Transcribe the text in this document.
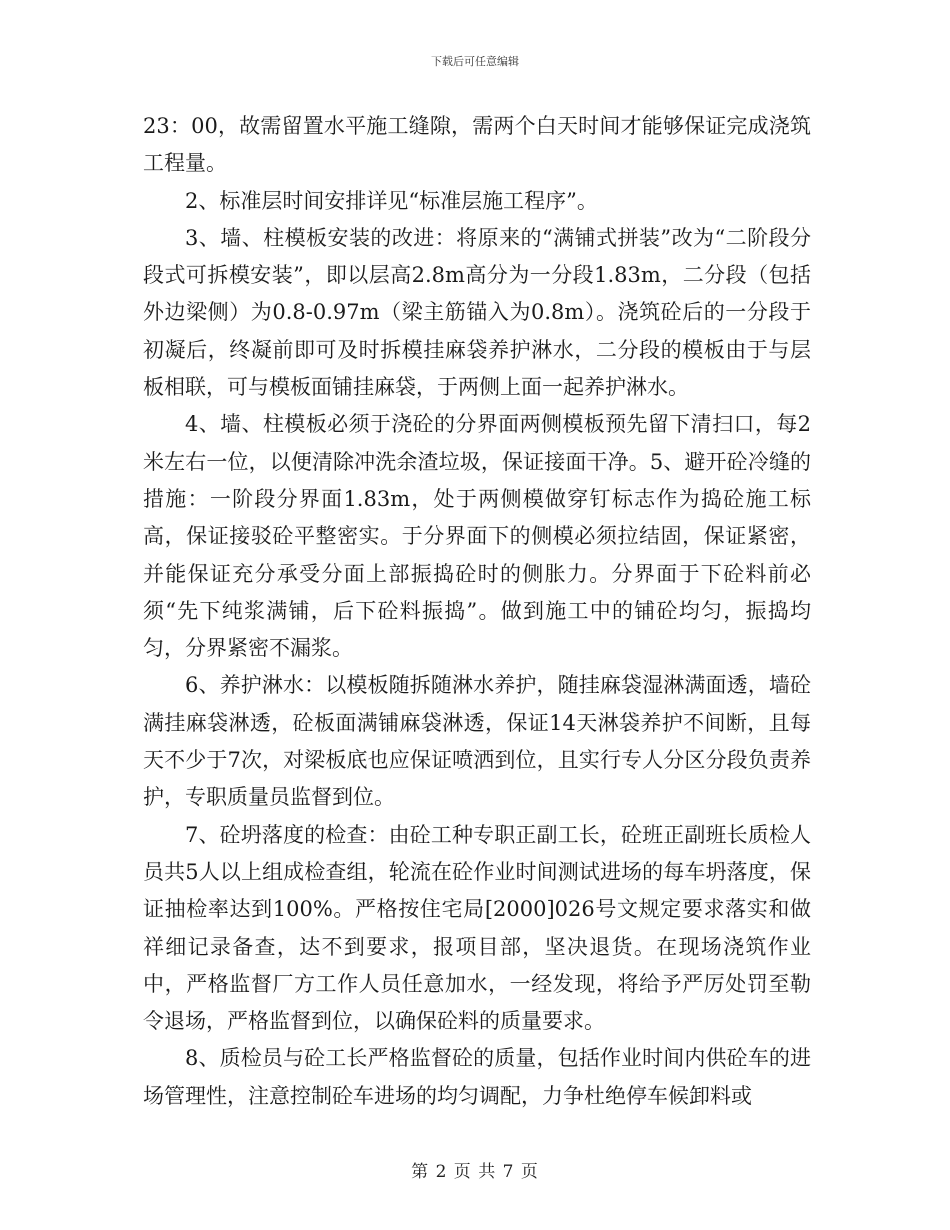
下载后可任意编辑

23：00，故需留置水平施工缝隙，需两个白天时间才能够保证完成浇筑工程量。

2、标准层时间安排详见“标准层施工程序”。

3、墙、柱模板安装的改进：将原来的“满铺式拼装”改为“二阶段分段式可拆模安装”，即以层高2.8m高分为一分段1.83m，二分段（包括外边梁侧）为0.8-0.97m（梁主筋锚入为0.8m）。浇筑砼后的一分段于初凝后，终凝前即可及时拆模挂麻袋养护淋水，二分段的模板由于与层板相联，可与模板面铺挂麻袋，于两侧上面一起养护淋水。

4、墙、柱模板必须于浇砼的分界面两侧模板预先留下清扫口，每2米左右一位，以便清除冲洗余渣垃圾，保证接面干净。5、避开砼冷缝的措施：一阶段分界面1.83m，处于两侧模做穿钉标志作为捣砼施工标高，保证接驳砼平整密实。于分界面下的侧模必须拉结固，保证紧密，并能保证充分承受分面上部振捣砼时的侧胀力。分界面于下砼料前必须“先下纯浆满铺，后下砼料振捣”。做到施工中的铺砼均匀，振捣均匀，分界紧密不漏浆。

6、养护淋水：以模板随拆随淋水养护，随挂麻袋湿淋满面透，墙砼满挂麻袋淋透，砼板面满铺麻袋淋透，保证14天淋袋养护不间断，且每天不少于7次，对梁板底也应保证喷洒到位，且实行专人分区分段负责养护，专职质量员监督到位。

7、砼坍落度的检查：由砼工种专职正副工长，砼班正副班长质检人员共5人以上组成检查组，轮流在砼作业时间测试进场的每车坍落度，保证抽检率达到100%。严格按住宅局[2000]026号文规定要求落实和做祥细记录备查，达不到要求，报项目部，坚决退货。在现场浇筑作业中，严格监督厂方工作人员任意加水，一经发现，将给予严厉处罚至勒令退场，严格监督到位，以确保砼料的质量要求。

8、质检员与砼工长严格监督砼的质量，包括作业时间内供砼车的进场管理性，注意控制砼车进场的均匀调配，力争杜绝停车候卸料或

第 2 页 共 7 页
